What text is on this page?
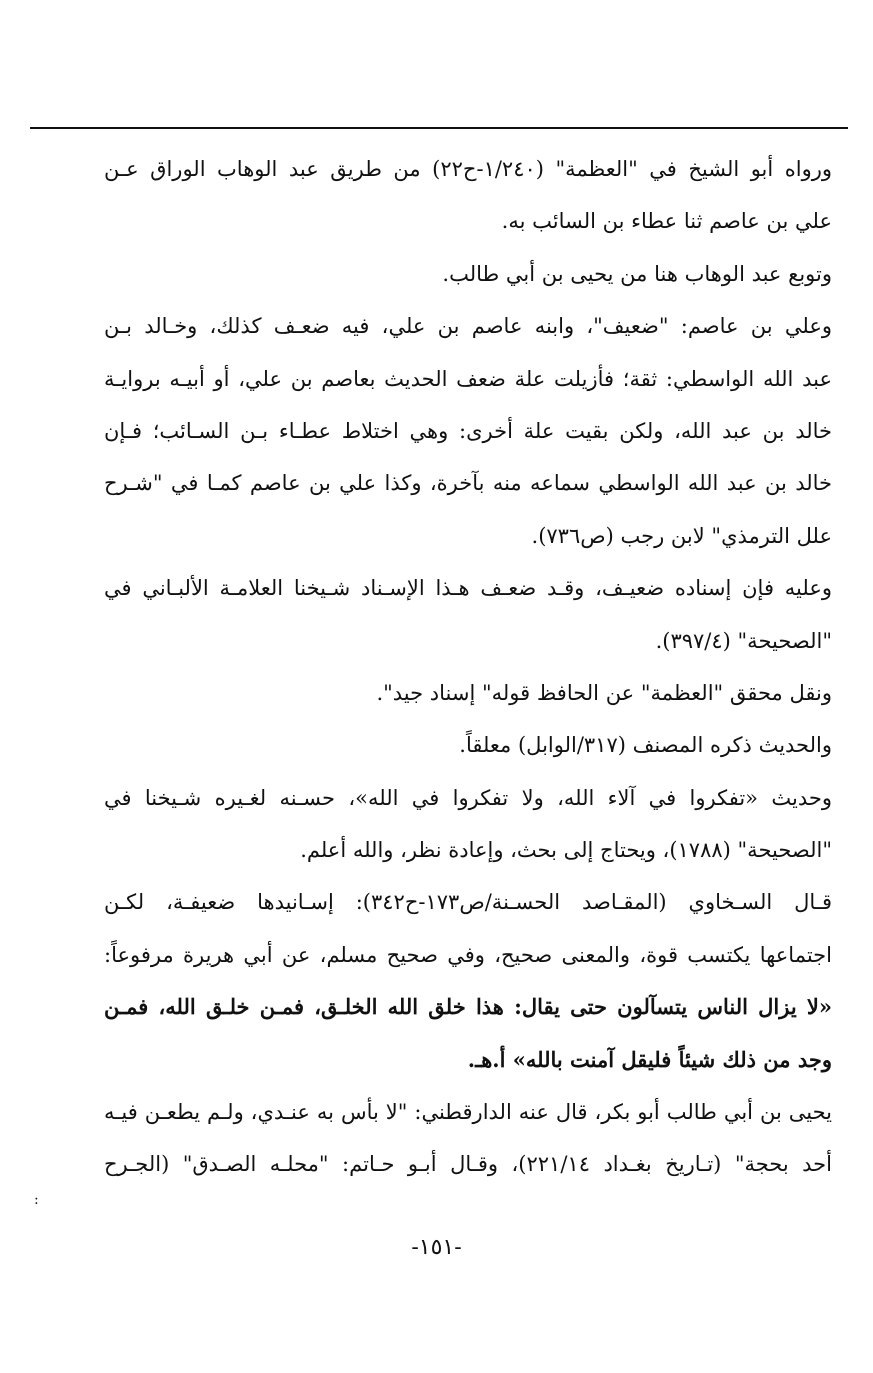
ورواه أبو الشيخ في "العظمة" (١/٢٤٠-ح٢٢) من طريق عبد الوهاب الوراق عـن
علي بن عاصم ثنا عطاء بن السائب به.
وتوبع عبد الوهاب هنا من يحيى بن أبي طالب.
وعلي بن عاصم: "ضعيف"، وابنه عاصم بن علي، فيه ضعـف كذلك، وخـالد بـن
عبد الله الواسطي: ثقة؛ فأزيلت علة ضعف الحديث بعاصم بن علي، أو أبيـه بروايـة
خالد بن عبد الله، ولكن بقيت علة أخرى: وهي اختلاط عطـاء بـن السـائب؛ فـإن
خالد بن عبد الله الواسطي سماعه منه بآخرة، وكذا علي بن عاصم كمـا في "شـرح
علل الترمذي" لابن رجب (ص٧٣٦).
وعليه فإن إسناده ضعيـف، وقـد ضعـف هـذا الإسـناد شـيخنا العلامـة الألبـاني في
"الصحيحة" (٣٩٧/٤).
ونقل محقق "العظمة" عن الحافظ قوله" إسناد جيد".
والحديث ذكره المصنف (٣١٧/الوابل) معلقاً.
وحديث «تفكروا في آلاء الله، ولا تفكروا في الله»، حسـنه لغـيره شـيخنا في
"الصحيحة" (١٧٨٨)، ويحتاج إلى بحث، وإعادة نظر، والله أعلم.
قـال السـخاوي (المقـاصد الحسـنة/ص١٧٣-ح٣٤٢): إسـانيدها ضعيفـة، لكـن
اجتماعها يكتسب قوة، والمعنى صحيح، وفي صحيح مسلم، عن أبي هريرة مرفوعاً:
«لا يزال الناس يتسآلون حتى يقال: هذا خلق الله الخلـق، فمـن خلـق الله، فمـن
وجد من ذلك شيئاً فليقل آمنت بالله» أ.هـ.
يحيى بن أبي طالب أبو بكر، قال عنه الدارقطني: "لا بأس به عنـدي، ولـم يطعـن فيـه
أحد بحجة" (تـاريخ بغـداد ٢٢١/١٤)، وقـال أبـو حـاتم: "محلـه الصـدق" (الجـرح
:
-١٥١-
